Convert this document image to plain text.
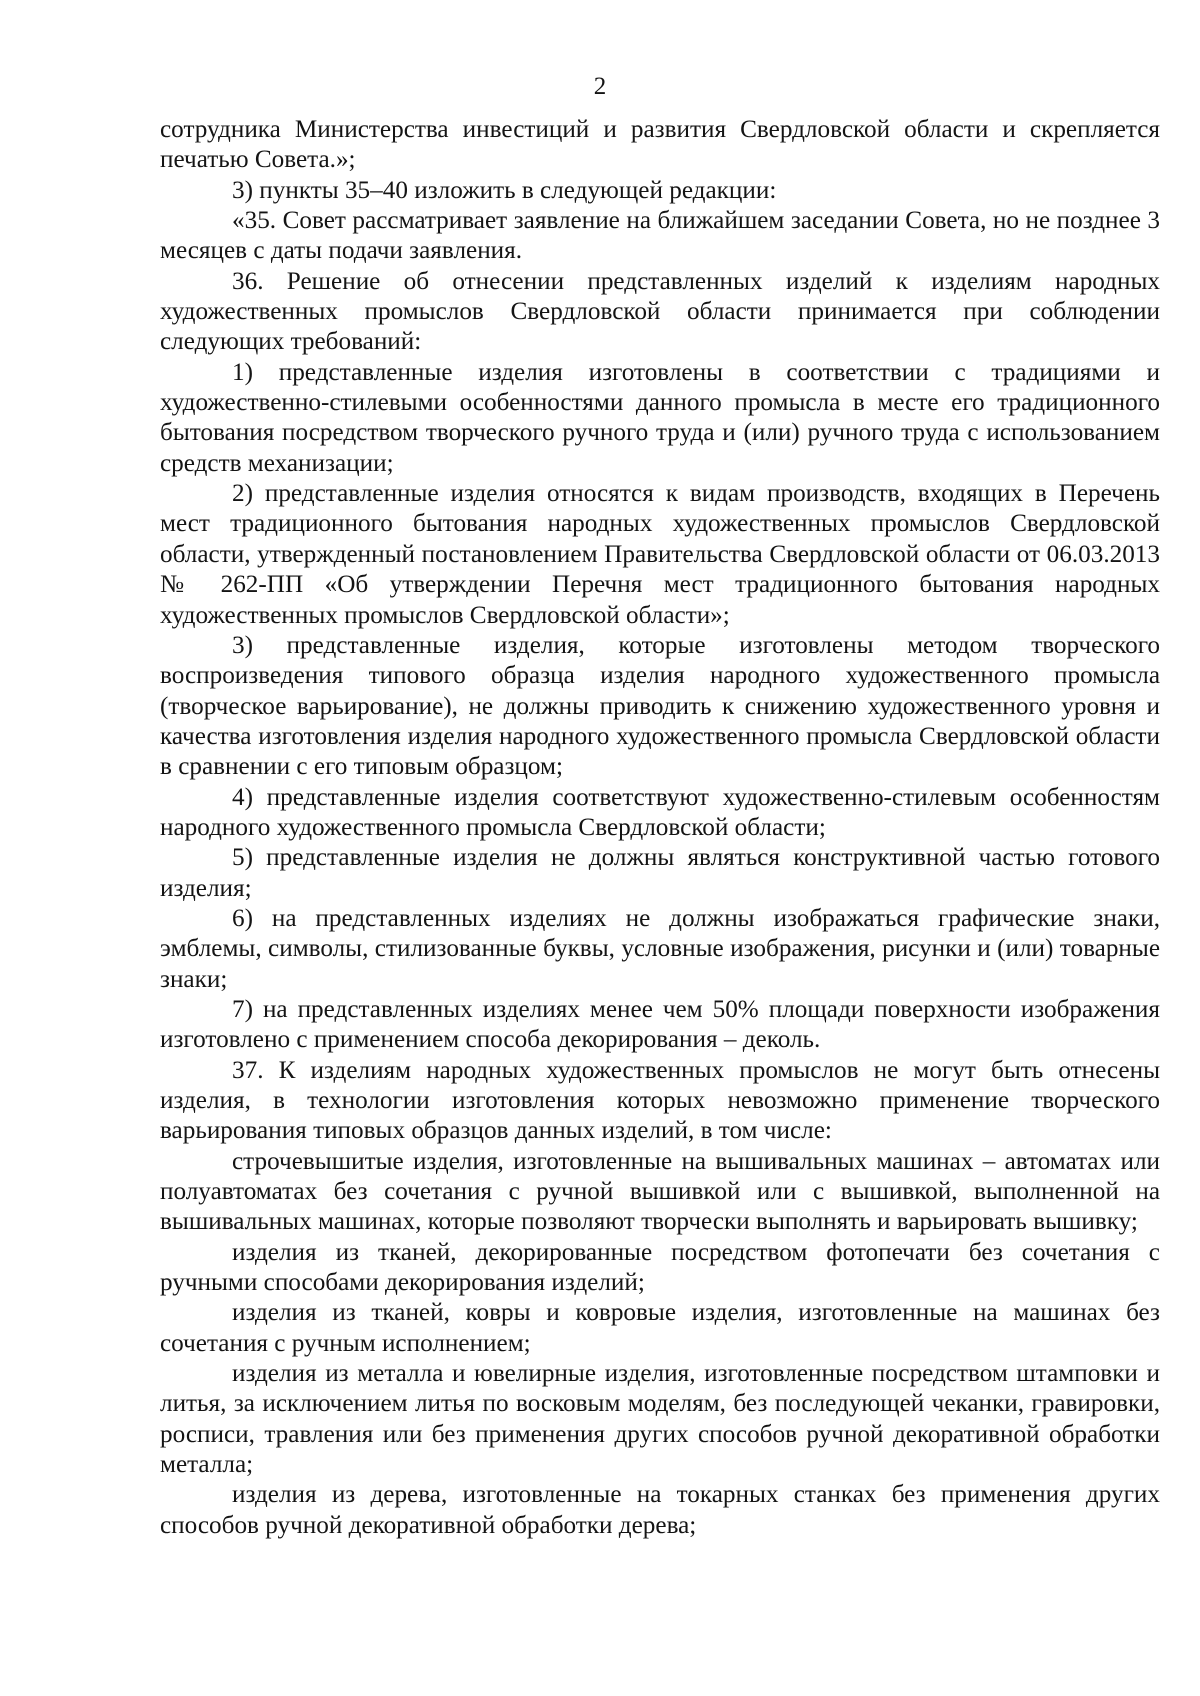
2

сотрудника Министерства инвестиций и развития Свердловской области и скрепляется печатью Совета.»;

3) пункты 35–40 изложить в следующей редакции:

«35. Совет рассматривает заявление на ближайшем заседании Совета, но не позднее 3 месяцев с даты подачи заявления.

36. Решение об отнесении представленных изделий к изделиям народных художественных промыслов Свердловской области принимается при соблюдении следующих требований:

1) представленные изделия изготовлены в соответствии с традициями и художественно-стилевыми особенностями данного промысла в месте его традиционного бытования посредством творческого ручного труда и (или) ручного труда с использованием средств механизации;

2) представленные изделия относятся к видам производств, входящих в Перечень мест традиционного бытования народных художественных промыслов Свердловской области, утвержденный постановлением Правительства Свердловской области от 06.03.2013 № 262-ПП «Об утверждении Перечня мест традиционного бытования народных художественных промыслов Свердловской области»;

3) представленные изделия, которые изготовлены методом творческого воспроизведения типового образца изделия народного художественного промысла (творческое варьирование), не должны приводить к снижению художественного уровня и качества изготовления изделия народного художественного промысла Свердловской области в сравнении с его типовым образцом;

4) представленные изделия соответствуют художественно-стилевым особенностям народного художественного промысла Свердловской области;

5) представленные изделия не должны являться конструктивной частью готового изделия;

6) на представленных изделиях не должны изображаться графические знаки, эмблемы, символы, стилизованные буквы, условные изображения, рисунки и (или) товарные знаки;

7) на представленных изделиях менее чем 50% площади поверхности изображения изготовлено с применением способа декорирования – деколь.

37. К изделиям народных художественных промыслов не могут быть отнесены изделия, в технологии изготовления которых невозможно применение творческого варьирования типовых образцов данных изделий, в том числе:

строчевышитые изделия, изготовленные на вышивальных машинах – автоматах или полуавтоматах без сочетания с ручной вышивкой или с вышивкой, выполненной на вышивальных машинах, которые позволяют творчески выполнять и варьировать вышивку;

изделия из тканей, декорированные посредством фотопечати без сочетания с ручными способами декорирования изделий;

изделия из тканей, ковры и ковровые изделия, изготовленные на машинах без сочетания с ручным исполнением;

изделия из металла и ювелирные изделия, изготовленные посредством штамповки и литья, за исключением литья по восковым моделям, без последующей чеканки, гравировки, росписи, травления или без применения других способов ручной декоративной обработки металла;

изделия из дерева, изготовленные на токарных станках без применения других способов ручной декоративной обработки дерева;
